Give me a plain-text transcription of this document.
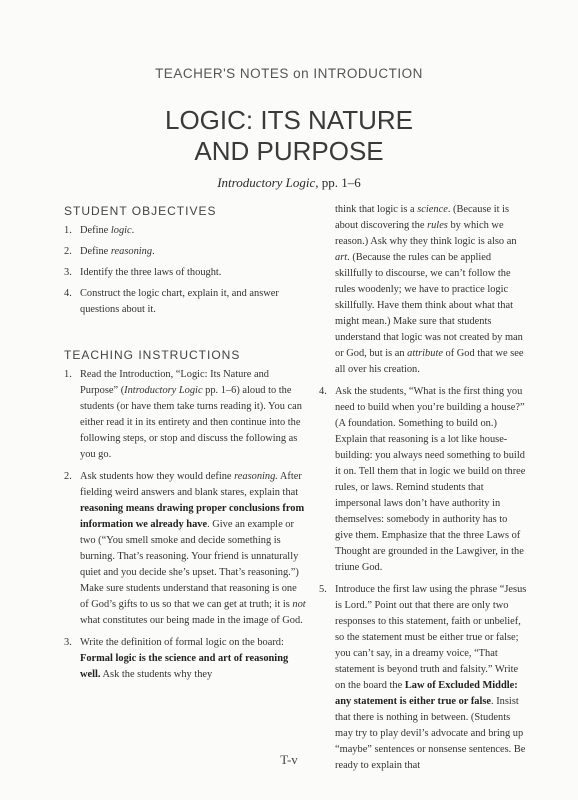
TEACHER'S NOTES on INTRODUCTION
LOGIC: ITS NATURE
AND PURPOSE
Introductory Logic, pp. 1–6
STUDENT OBJECTIVES
1. Define logic.
2. Define reasoning.
3. Identify the three laws of thought.
4. Construct the logic chart, explain it, and answer questions about it.
TEACHING INSTRUCTIONS
1. Read the Introduction, “Logic: Its Nature and Purpose” (Introductory Logic pp. 1–6) aloud to the students (or have them take turns reading it). You can either read it in its entirety and then continue into the following steps, or stop and discuss the following as you go.
2. Ask students how they would define reasoning. After fielding weird answers and blank stares, explain that reasoning means drawing proper conclusions from information we already have. Give an example or two (“You smell smoke and decide something is burning. That’s reasoning. Your friend is unnaturally quiet and you decide she’s upset. That’s reasoning.”) Make sure students understand that reasoning is one of God’s gifts to us so that we can get at truth; it is not what constitutes our being made in the image of God.
3. Write the definition of formal logic on the board: Formal logic is the science and art of reasoning well. Ask the students why they

think that logic is a science. (Because it is about discovering the rules by which we reason.) Ask why they think logic is also an art. (Because the rules can be applied skillfully to discourse, we can’t follow the rules woodenly; we have to practice logic skillfully. Have them think about what that might mean.) Make sure that students understand that logic was not created by man or God, but is an attribute of God that we see all over his creation.

4. Ask the students, “What is the first thing you need to build when you’re building a house?” (A foundation. Something to build on.) Explain that reasoning is a lot like house-building: you always need something to build it on. Tell them that in logic we build on three rules, or laws. Remind students that impersonal laws don’t have authority in themselves: somebody in authority has to give them. Emphasize that the three Laws of Thought are grounded in the Lawgiver, in the triune God.
5. Introduce the first law using the phrase “Jesus is Lord.” Point out that there are only two responses to this statement, faith or unbelief, so the statement must be either true or false; you can’t say, in a dreamy voice, “That statement is beyond truth and falsity.” Write on the board the Law of Excluded Middle: any statement is either true or false. Insist that there is nothing in between. (Students may try to play devil’s advocate and bring up “maybe” sentences or nonsense sentences. Be ready to explain that
T-v
